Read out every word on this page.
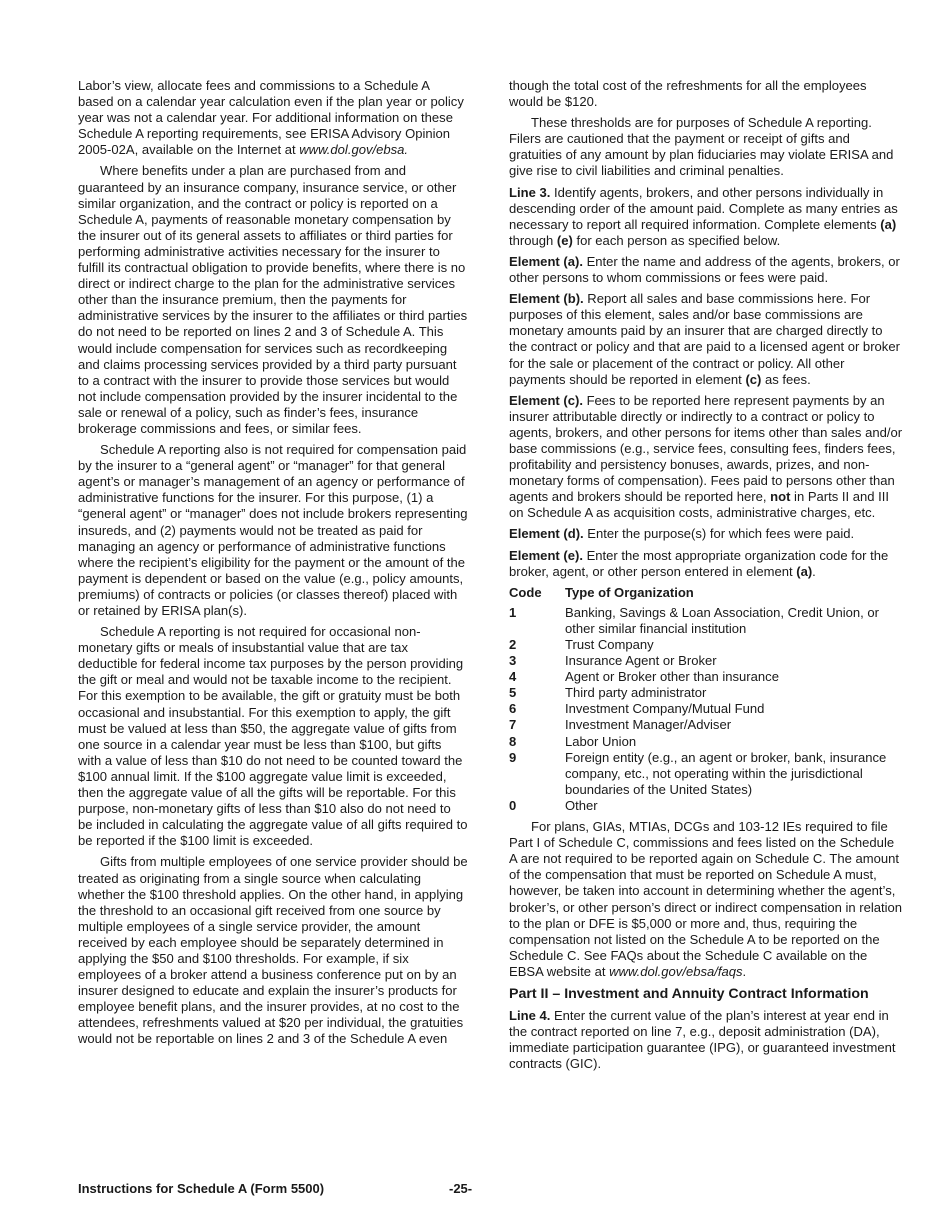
Labor’s view, allocate fees and commissions to a Schedule A based on a calendar year calculation even if the plan year or policy year was not a calendar year. For additional information on these Schedule A reporting requirements, see ERISA Advisory Opinion 2005-02A, available on the Internet at www.dol.gov/ebsa.

Where benefits under a plan are purchased from and guaranteed by an insurance company, insurance service, or other similar organization, and the contract or policy is reported on a Schedule A, payments of reasonable monetary compensation by the insurer out of its general assets to affiliates or third parties for performing administrative activities necessary for the insurer to fulfill its contractual obligation to provide benefits, where there is no direct or indirect charge to the plan for the administrative services other than the insurance premium, then the payments for administrative services by the insurer to the affiliates or third parties do not need to be reported on lines 2 and 3 of Schedule A. This would include compensation for services such as recordkeeping and claims processing services provided by a third party pursuant to a contract with the insurer to provide those services but would not include compensation provided by the insurer incidental to the sale or renewal of a policy, such as finder’s fees, insurance brokerage commissions and fees, or similar fees.

Schedule A reporting also is not required for compensation paid by the insurer to a “general agent” or “manager” for that general agent’s or manager’s management of an agency or performance of administrative functions for the insurer. For this purpose, (1) a “general agent” or “manager” does not include brokers representing insureds, and (2) payments would not be treated as paid for managing an agency or performance of administrative functions where the recipient’s eligibility for the payment or the amount of the payment is dependent or based on the value (e.g., policy amounts, premiums) of contracts or policies (or classes thereof) placed with or retained by ERISA plan(s).

Schedule A reporting is not required for occasional non-monetary gifts or meals of insubstantial value that are tax deductible for federal income tax purposes by the person providing the gift or meal and would not be taxable income to the recipient. For this exemption to be available, the gift or gratuity must be both occasional and insubstantial. For this exemption to apply, the gift must be valued at less than $50, the aggregate value of gifts from one source in a calendar year must be less than $100, but gifts with a value of less than $10 do not need to be counted toward the $100 annual limit. If the $100 aggregate value limit is exceeded, then the aggregate value of all the gifts will be reportable. For this purpose, non-monetary gifts of less than $10 also do not need to be included in calculating the aggregate value of all gifts required to be reported if the $100 limit is exceeded.

Gifts from multiple employees of one service provider should be treated as originating from a single source when calculating whether the $100 threshold applies. On the other hand, in applying the threshold to an occasional gift received from one source by multiple employees of a single service provider, the amount received by each employee should be separately determined in applying the $50 and $100 thresholds. For example, if six employees of a broker attend a business conference put on by an insurer designed to educate and explain the insurer’s products for employee benefit plans, and the insurer provides, at no cost to the attendees, refreshments valued at $20 per individual, the gratuities would not be reportable on lines 2 and 3 of the Schedule A even

though the total cost of the refreshments for all the employees would be $120.

These thresholds are for purposes of Schedule A reporting. Filers are cautioned that the payment or receipt of gifts and gratuities of any amount by plan fiduciaries may violate ERISA and give rise to civil liabilities and criminal penalties.

Line 3. Identify agents, brokers, and other persons individually in descending order of the amount paid. Complete as many entries as necessary to report all required information. Complete elements (a) through (e) for each person as specified below.

Element (a). Enter the name and address of the agents, brokers, or other persons to whom commissions or fees were paid.

Element (b). Report all sales and base commissions here. For purposes of this element, sales and/or base commissions are monetary amounts paid by an insurer that are charged directly to the contract or policy and that are paid to a licensed agent or broker for the sale or placement of the contract or policy. All other payments should be reported in element (c) as fees.

Element (c). Fees to be reported here represent payments by an insurer attributable directly or indirectly to a contract or policy to agents, brokers, and other persons for items other than sales and/or base commissions (e.g., service fees, consulting fees, finders fees, profitability and persistency bonuses, awards, prizes, and non-monetary forms of compensation). Fees paid to persons other than agents and brokers should be reported here, not in Parts II and III on Schedule A as acquisition costs, administrative charges, etc.

Element (d). Enter the purpose(s) for which fees were paid.

Element (e). Enter the most appropriate organization code for the broker, agent, or other person entered in element (a).

Code	Type of Organization
1	Banking, Savings & Loan Association, Credit Union, or other similar financial institution
2	Trust Company
3	Insurance Agent or Broker
4	Agent or Broker other than insurance
5	Third party administrator
6	Investment Company/Mutual Fund
7	Investment Manager/Adviser
8	Labor Union
9	Foreign entity (e.g., an agent or broker, bank, insurance company, etc., not operating within the jurisdictional boundaries of the United States)
0	Other

For plans, GIAs, MTIAs, DCGs and 103-12 IEs required to file Part I of Schedule C, commissions and fees listed on the Schedule A are not required to be reported again on Schedule C. The amount of the compensation that must be reported on Schedule A must, however, be taken into account in determining whether the agent’s, broker’s, or other person’s direct or indirect compensation in relation to the plan or DFE is $5,000 or more and, thus, requiring the compensation not listed on the Schedule A to be reported on the Schedule C. See FAQs about the Schedule C available on the EBSA website at www.dol.gov/ebsa/faqs.

Part II – Investment and Annuity Contract Information

Line 4. Enter the current value of the plan’s interest at year end in the contract reported on line 7, e.g., deposit administration (DA), immediate participation guarantee (IPG), or guaranteed investment contracts (GIC).

Instructions for Schedule A (Form 5500)	-25-
